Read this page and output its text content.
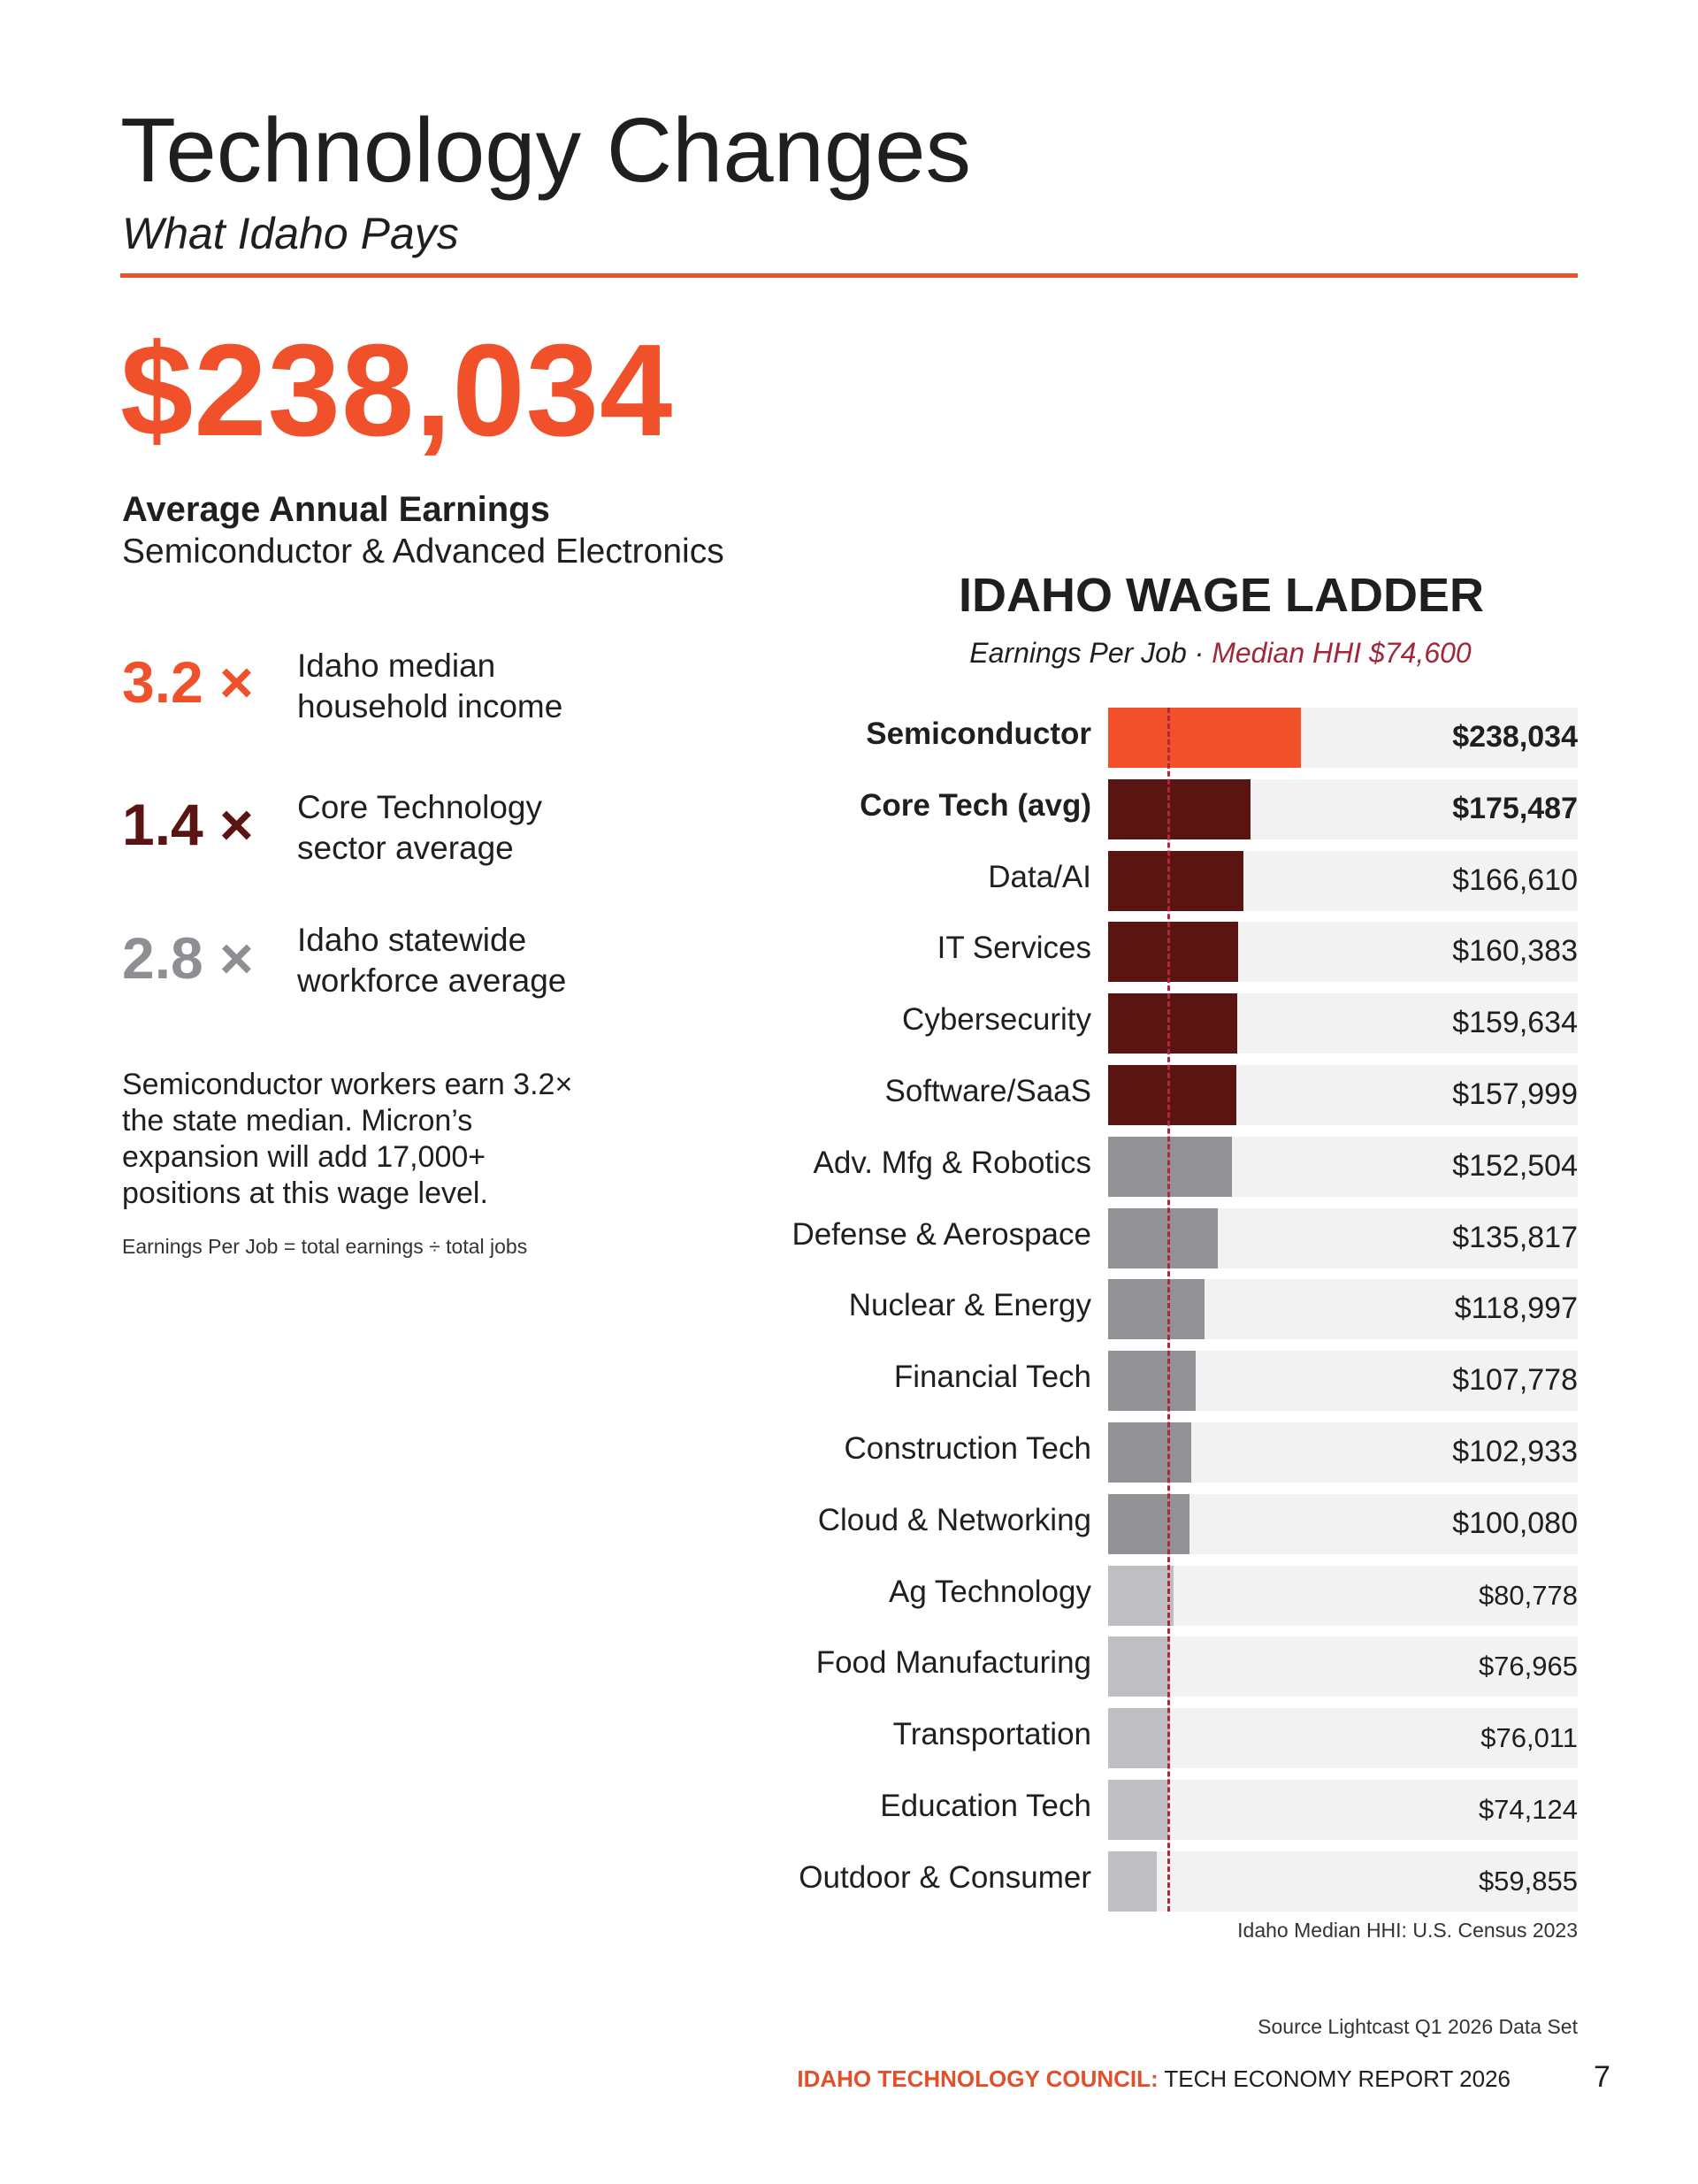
Technology Changes
What Idaho Pays
$238,034
Average Annual Earnings
Semiconductor & Advanced Electronics
3.2 × Idaho median household income
1.4 × Core Technology sector average
2.8 × Idaho statewide workforce average
Semiconductor workers earn 3.2× the state median. Micron’s expansion will add 17,000+ positions at this wage level.
Earnings Per Job = total earnings ÷ total jobs
IDAHO WAGE LADDER
Earnings Per Job · Median HHI $74,600
Semiconductor	$238,034
Core Tech (avg)	$175,487
Data/AI	$166,610
IT Services	$160,383
Cybersecurity	$159,634
Software/SaaS	$157,999
Adv. Mfg & Robotics	$152,504
Defense & Aerospace	$135,817
Nuclear & Energy	$118,997
Financial Tech	$107,778
Construction Tech	$102,933
Cloud & Networking	$100,080
Ag Technology	$80,778
Food Manufacturing	$76,965
Transportation	$76,011
Education Tech	$74,124
Outdoor & Consumer	$59,855
Idaho Median HHI: U.S. Census 2023
Source Lightcast Q1 2026 Data Set
IDAHO TECHNOLOGY COUNCIL: TECH ECONOMY REPORT 2026	7
